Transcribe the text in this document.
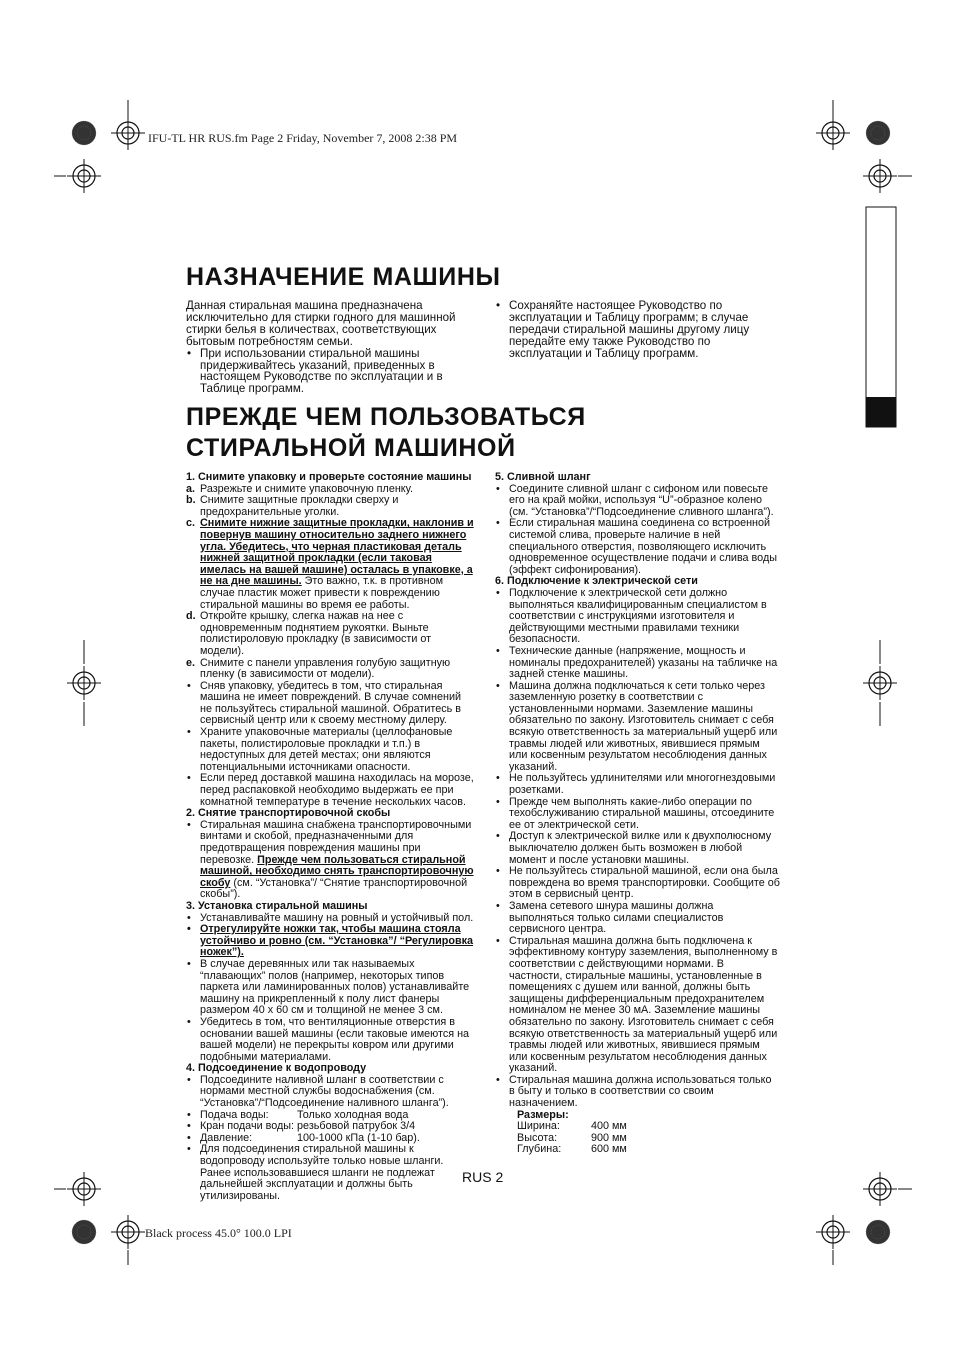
IFU-TL HR RUS.fm Page 2 Friday, November 7, 2008 2:38 PM
Black process 45.0° 100.0 LPI
НАЗНАЧЕНИЕ МАШИНЫ

Данная стиральная машина предназначена исключительно для стирки годного для машинной стирки белья в количествах, соответствующих бытовым потребностям семьи.

• При использовании стиральной машины придерживайтесь указаний, приведенных в настоящем Руководстве по эксплуатации и в Таблице программ.

• Сохраняйте настоящее Руководство по эксплуатации и Таблицу программ; в случае передачи стиральной машины другому лицу передайте ему также Руководство по эксплуатации и Таблицу программ.

ПРЕЖДЕ ЧЕМ ПОЛЬЗОВАТЬСЯ
СТИРАЛЬНОЙ МАШИНОЙ

1. Снимите упаковку и проверьте состояние машины

a. Разрежьте и снимите упаковочную пленку.

b. Снимите защитные прокладки сверху и предохранительные уголки.

c. Снимите нижние защитные прокладки, наклонив и повернув машину относительно заднего нижнего угла. Убедитесь, что черная пластиковая деталь нижней защитной прокладки (если таковая имелась на вашей машине) осталась в упаковке, а не на дне машины. Это важно, т.к. в противном случае пластик может привести к повреждению стиральной машины во время ее работы.

d. Откройте крышку, слегка нажав на нее с одновременным поднятием рукоятки. Выньте полистироловую прокладку (в зависимости от модели).

e. Снимите с панели управления голубую защитную пленку (в зависимости от модели).

• Сняв упаковку, убедитесь в том, что стиральная машина не имеет повреждений. В случае сомнений не пользуйтесь стиральной машиной. Обратитесь в сервисный центр или к своему местному дилеру.

• Храните упаковочные материалы (целлофановые пакеты, полистироловые прокладки и т.п.) в недоступных для детей местах; они являются потенциальными источниками опасности.

• Если перед доставкой машина находилась на морозе, перед распаковкой необходимо выдержать ее при комнатной температуре в течение нескольких часов.

2. Снятие транспортировочной скобы

• Стиральная машина снабжена транспортировочными винтами и скобой, предназначенными для предотвращения повреждения машины при перевозке. Прежде чем пользоваться стиральной машиной, необходимо снять транспортировочную скобу (см. “Установка”/ “Снятие транспортировочной скобы”).

3. Установка стиральной машины

• Устанавливайте машину на ровный и устойчивый пол.

• Отрегулируйте ножки так, чтобы машина стояла устойчиво и ровно (см. “Установка”/ “Регулировка ножек”).

• В случае деревянных или так называемых “плавающих” полов (например, некоторых типов паркета или ламинированных полов) устанавливайте машину на прикрепленный к полу лист фанеры размером 40 x 60 см и толщиной не менее 3 см.

• Убедитесь в том, что вентиляционные отверстия в основании вашей машины (если таковые имеются на вашей модели) не перекрыты ковром или другими подобными материалами.

4. Подсоединение к водопроводу

• Подсоедините наливной шланг в соответствии с нормами местной службы водоснабжения (см. “Установка”/“Подсоединение наливного шланга”).

• Подача воды:	Только холодная вода

• Кран подачи воды: резьбовой патрубок 3/4

• Давление:	100-1000 кПа (1-10 бар).

• Для подсоединения стиральной машины к водопроводу используйте только новые шланги. Ранее использовавшиеся шланги не подлежат дальнейшей эксплуатации и должны быть утилизированы.

5. Сливной шланг

• Соедините сливной шланг с сифоном или повесьте его на край мойки, используя “U”-образное колено (см. “Установка”/“Подсоединение сливного шланга”).

• Если стиральная машина соединена со встроенной системой слива, проверьте наличие в ней специального отверстия, позволяющего исключить одновременное осуществление подачи и слива воды (эффект сифонирования).

6. Подключение к электрической сети

• Подключение к электрической сети должно выполняться квалифицированным специалистом в соответствии с инструкциями изготовителя и действующими местными правилами техники безопасности.

• Технические данные (напряжение, мощность и номиналы предохранителей) указаны на табличке на задней стенке машины.

• Машина должна подключаться к сети только через заземленную розетку в соответствии с установленными нормами. Заземление машины обязательно по закону. Изготовитель снимает с себя всякую ответственность за материальный ущерб или травмы людей или животных, явившиеся прямым или косвенным результатом несоблюдения данных указаний.

• Не пользуйтесь удлинителями или многогнездовыми розетками.

• Прежде чем выполнять какие-либо операции по техобслуживанию стиральной машины, отсоедините ее от электрической сети.

• Доступ к электрической вилке или к двухполюсному выключателю должен быть возможен в любой момент и после установки машины.

• Не пользуйтесь стиральной машиной, если она была повреждена во время транспортировки. Сообщите об этом в сервисный центр.

• Замена сетевого шнура машины должна выполняться только силами специалистов сервисного центра.

• Стиральная машина должна быть подключена к эффективному контуру заземления, выполненному в соответствии с действующими нормами. В частности, стиральные машины, установленные в помещениях с душем или ванной, должны быть защищены дифференциальным предохранителем номиналом не менее 30 мА. Заземление машины обязательно по закону. Изготовитель снимает с себя всякую ответственность за материальный ущерб или травмы людей или животных, явившиеся прямым или косвенным результатом несоблюдения данных указаний.

• Стиральная машина должна использоваться только в быту и только в соответствии со своим назначением.

Размеры:

Ширина:	400 мм

Высота:	900 мм

Глубина:	600 мм

RUS 2
